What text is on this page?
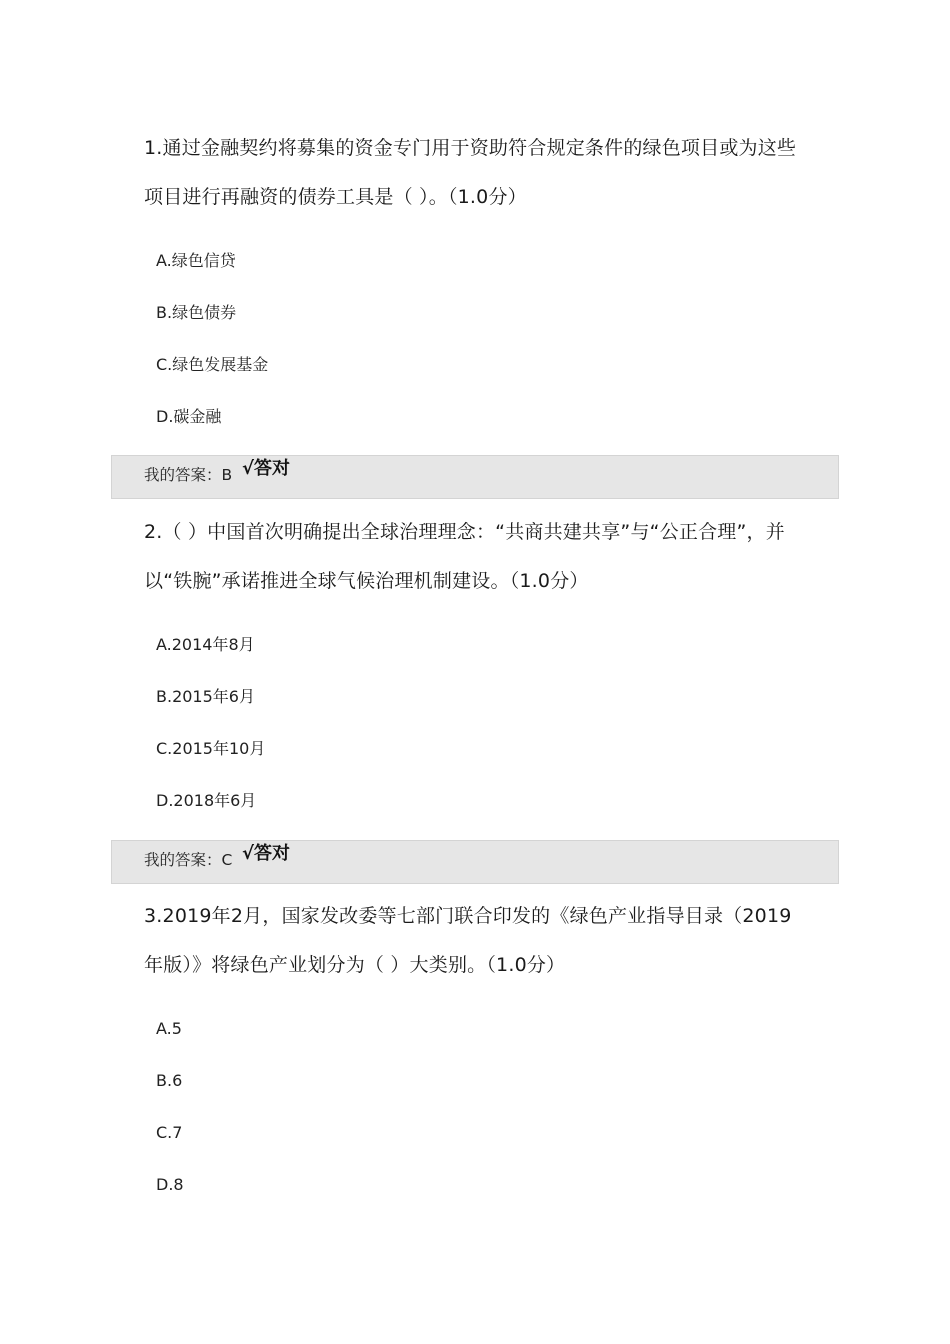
1.通过金融契约将募集的资金专门用于资助符合规定条件的绿色项目或为这些
项目进行再融资的债券工具是（ ）。（1.0分）
A.绿色信贷
B.绿色债券
C.绿色发展基金
D.碳金融
我的答案：B √答对
2.（ ）中国首次明确提出全球治理理念：“共商共建共享”与“公正合理”，并
以“铁腕”承诺推进全球气候治理机制建设。（1.0分）
A.2014年8月
B.2015年6月
C.2015年10月
D.2018年6月
我的答案：C √答对
3.2019年2月，国家发改委等七部门联合印发的《绿色产业指导目录（2019
年版）》将绿色产业划分为（ ）大类别。（1.0分）
A.5
B.6
C.7
D.8
